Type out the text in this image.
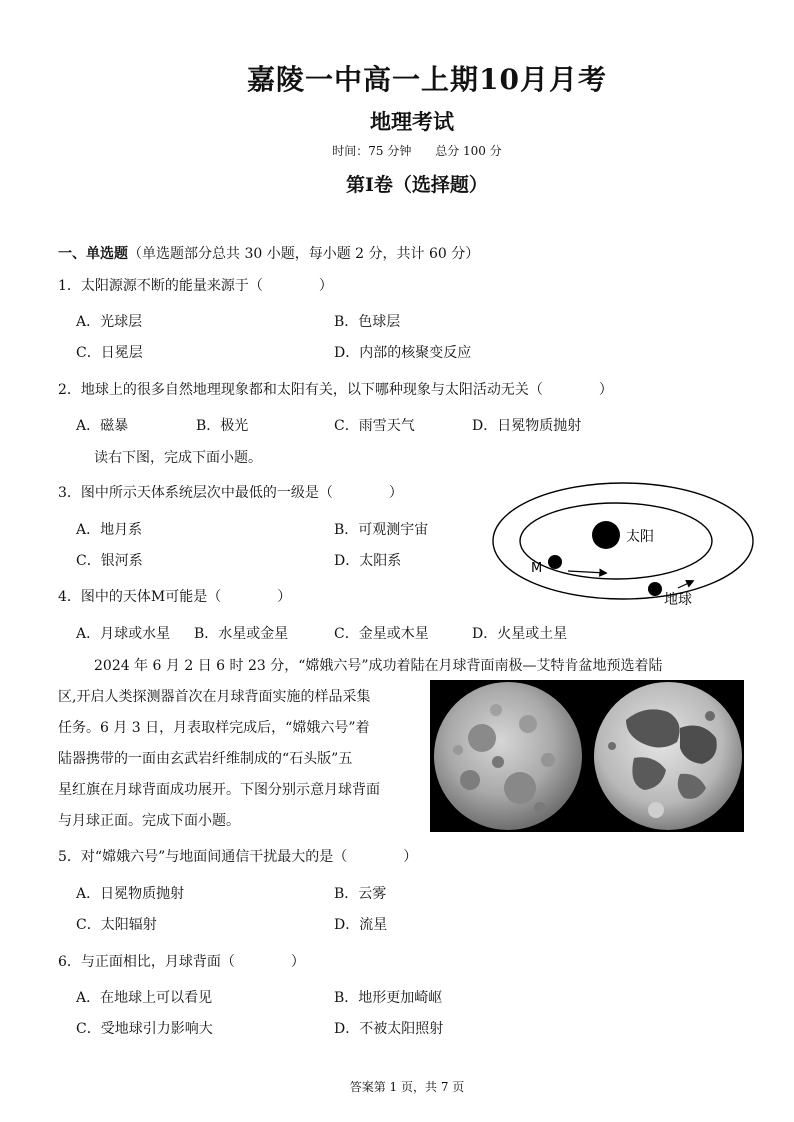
嘉陵一中高一上期10月月考
地理考试
时间：75 分钟 总分 100 分
第Ⅰ卷（选择题）
一、单选题（单选题部分总共 30 小题，每小题 2 分，共计 60 分）
1．太阳源源不断的能量来源于（　　　　）
A．光球层	B．色球层
C．日冕层	D．内部的核聚变反应
2．地球上的很多自然地理现象都和太阳有关，以下哪种现象与太阳活动无关（　　　　）
A．磁暴	B．极光	C．雨雪天气	D．日冕物质抛射
读右下图，完成下面小题。
3．图中所示天体系统层次中最低的一级是（　　　　）
A．地月系	B．可观测宇宙
C．银河系	D．太阳系
4．图中的天体M可能是（　　　　）
A．月球或水星 B．水星或金星	C．金星或木星	D．火星或土星
太阳
M
地球
2024 年 6 月 2 日 6 时 23 分，“嫦娥六号”成功着陆在月球背面南极—艾特肯盆地预选着陆
区,开启人类探测器首次在月球背面实施的样品采集
任务。6 月 3 日，月表取样完成后，“嫦娥六号”着
陆器携带的一面由玄武岩纤维制成的“石头版”五
星红旗在月球背面成功展开。下图分别示意月球背面
与月球正面。完成下面小题。
5．对“嫦娥六号”与地面间通信干扰最大的是（　　　　）
A．日冕物质抛射	B．云雾
C．太阳辐射	D．流星
6．与正面相比，月球背面（　　　　）
A．在地球上可以看见	B．地形更加崎岖
C．受地球引力影响大	D．不被太阳照射
答案第 1 页，共 7 页
